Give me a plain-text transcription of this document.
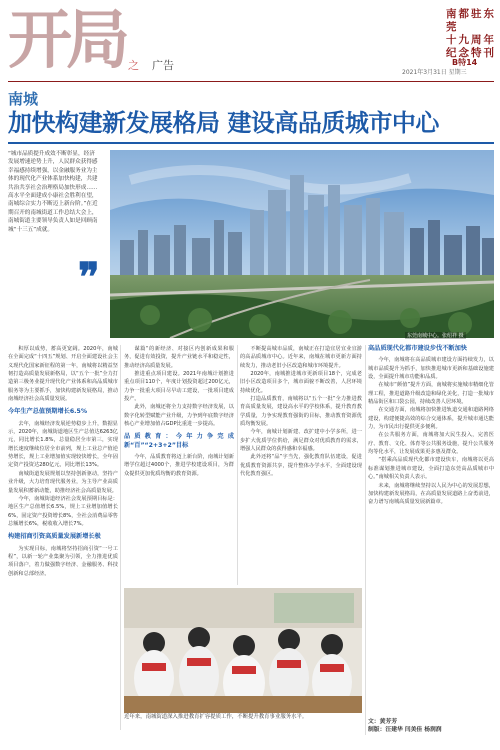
开局 之 广告
南都驻东莞
十九周年
纪念特刊
B特14
2021年3月31日 星期三
南城
加快构建新发展格局 建设高品质城市中心
“城市品质提升成效不断彰显，经济发展增速逆势上升，人民群众获得感幸福感持续增强，以金融服务业为主体的现代化产业体系加快构建，共建共治共享社会治理格局加快形成……高水平全面建成小康社会胜利在望，南城综合实力不断迈上新台阶。”在近期召开的南城街道工作总结大会上，南城街道主要领导负责人如是回顾南城“十三五”成就。
❞
东莞南城中心。张绍祥 摄

积厚以成势，蓄高更宽阔。2020年，南城在全面完成“十四五”规划、开启全面建设社会主义现代化国家新征程的第一年，南城将以精益坚韧打造高质量发展新格局，以“五个一批”全力打造第三极务业提升现代化产业体系和高品质城市服务等为主要抓手，加快构建新发展格局，推动南城经济社会高质量发展。

今年生产总值预期增长6.5%

去年，南城经济发展逆势稳步上升，数据显示，2020年，南城街道地区生产总值达6263亿元，同比增长1.8%，总量稳居全市第三，实现增长速度继续位居全市前列，规上工业总产值逆势增长，规上工业增加值实现较快增长，全年固定资产投资达280亿元，同比增长13%。

南城街道发展规划以坚持创新驱动，坚持产业升级，大力培育现代服务业，为主导产业高质量发展积蓄新动能，助推经济社会高质量发展。

今年，南城街道经济社会发展预期目标是：地区生产总值增长6.5%，规上工业增加值增长6%，固定资产投资增长8%，全社会消费品零售总额增长6%，税收收入增长7%。

构建招商引资高质量发展新增长极

为实现目标，南城将坚持招商引资“一号工程”，以新一轮产业集聚为引领，全力推进优质项目落户，着力做强数字经济、金融服务、科技创新和总部经济。

谋篇“的新经济、对接区内创新成果和服务，促进有效投资，提升产业链水平和稳定性，推动经济高质量发展。

推进重点项目建设。2021年南城计划推进重点项目110个，年度计划投资超过200亿元，力争一批重大项目尽早动工建设，一批项目建成投产。

此外，南城还将全力支持数字经济发展，以数字化转型赋能产业升级，力争到年底数字经济核心产业增加值占GDP比重进一步提高。

品质教育：今年力争完成新“百”“2+3+2”目标

今年，品质教育将迈上新台阶，南城计划新增学位超过4000个，推进学校建设项目，为群众提供更加优质均衡的教育资源。

不断提高城市品质，南城正在打造宜居宜业宜游的高品质城市中心。近年来，南城在城市更新方面持续发力，推动老旧小区改造和城市环境提升。

2020年，南城推进城市更新项目18个，完成老旧小区改造项目多个，城市面貌不断改善，人居环境持续优化。

打造品质教育，南城将以“五个一批”全力推进教育高质量发展，建设高水平的学校体系，提升教育教学质量，力争实现教育强街的目标，推动教育资源优质均衡发展。

今年，南城计划新建、改扩建中小学多所，进一步扩大优质学位供给，满足群众对优质教育的需求，增强人民群众的获得感和幸福感。

此外还将“品”字当先，强化教育队伍建设，促进优质教育资源共享，提升整体办学水平，全面建设现代化教育强区。

高品质现代化都市建设步伐不断加快

今年，南城将在高品质城市建设方面持续发力，以城市品质提升为抓手，加快推进城市更新和基础设施建设，全面提升城市功能和品质。

在城市“颜值”提升方面，南城将实施城市精细化管理工程，推进道路升级改造和绿化美化，打造一批城市精品街区和口袋公园，持续改善人居环境。

在交通方面，南城将加快推进轨道交通和道路网络建设，构建便捷高效的综合交通体系，提升城市通达能力，为市民出行提供更多便利。

在公共服务方面，南城将加大民生投入，完善医疗、教育、文化、体育等公共服务设施，提升公共服务均等化水平，让发展成果更多惠及群众。

“搭乘高品质现代化都市建设快车，南城将以更高标准谋划推进城市建设，全面打造东莞高品质城市中心。”南城相关负责人表示。

未来，南城将继续坚持以人民为中心的发展思想，加快构建新发展格局，在高质量发展道路上奋勇前进，奋力谱写南城高质量发展新篇章。

近年来，南城街道深入推进教育扩容提质工作，不断提升教育事业服务水平。
文：黄芳芳
制版：汪建华 闫美佳 杨润润
